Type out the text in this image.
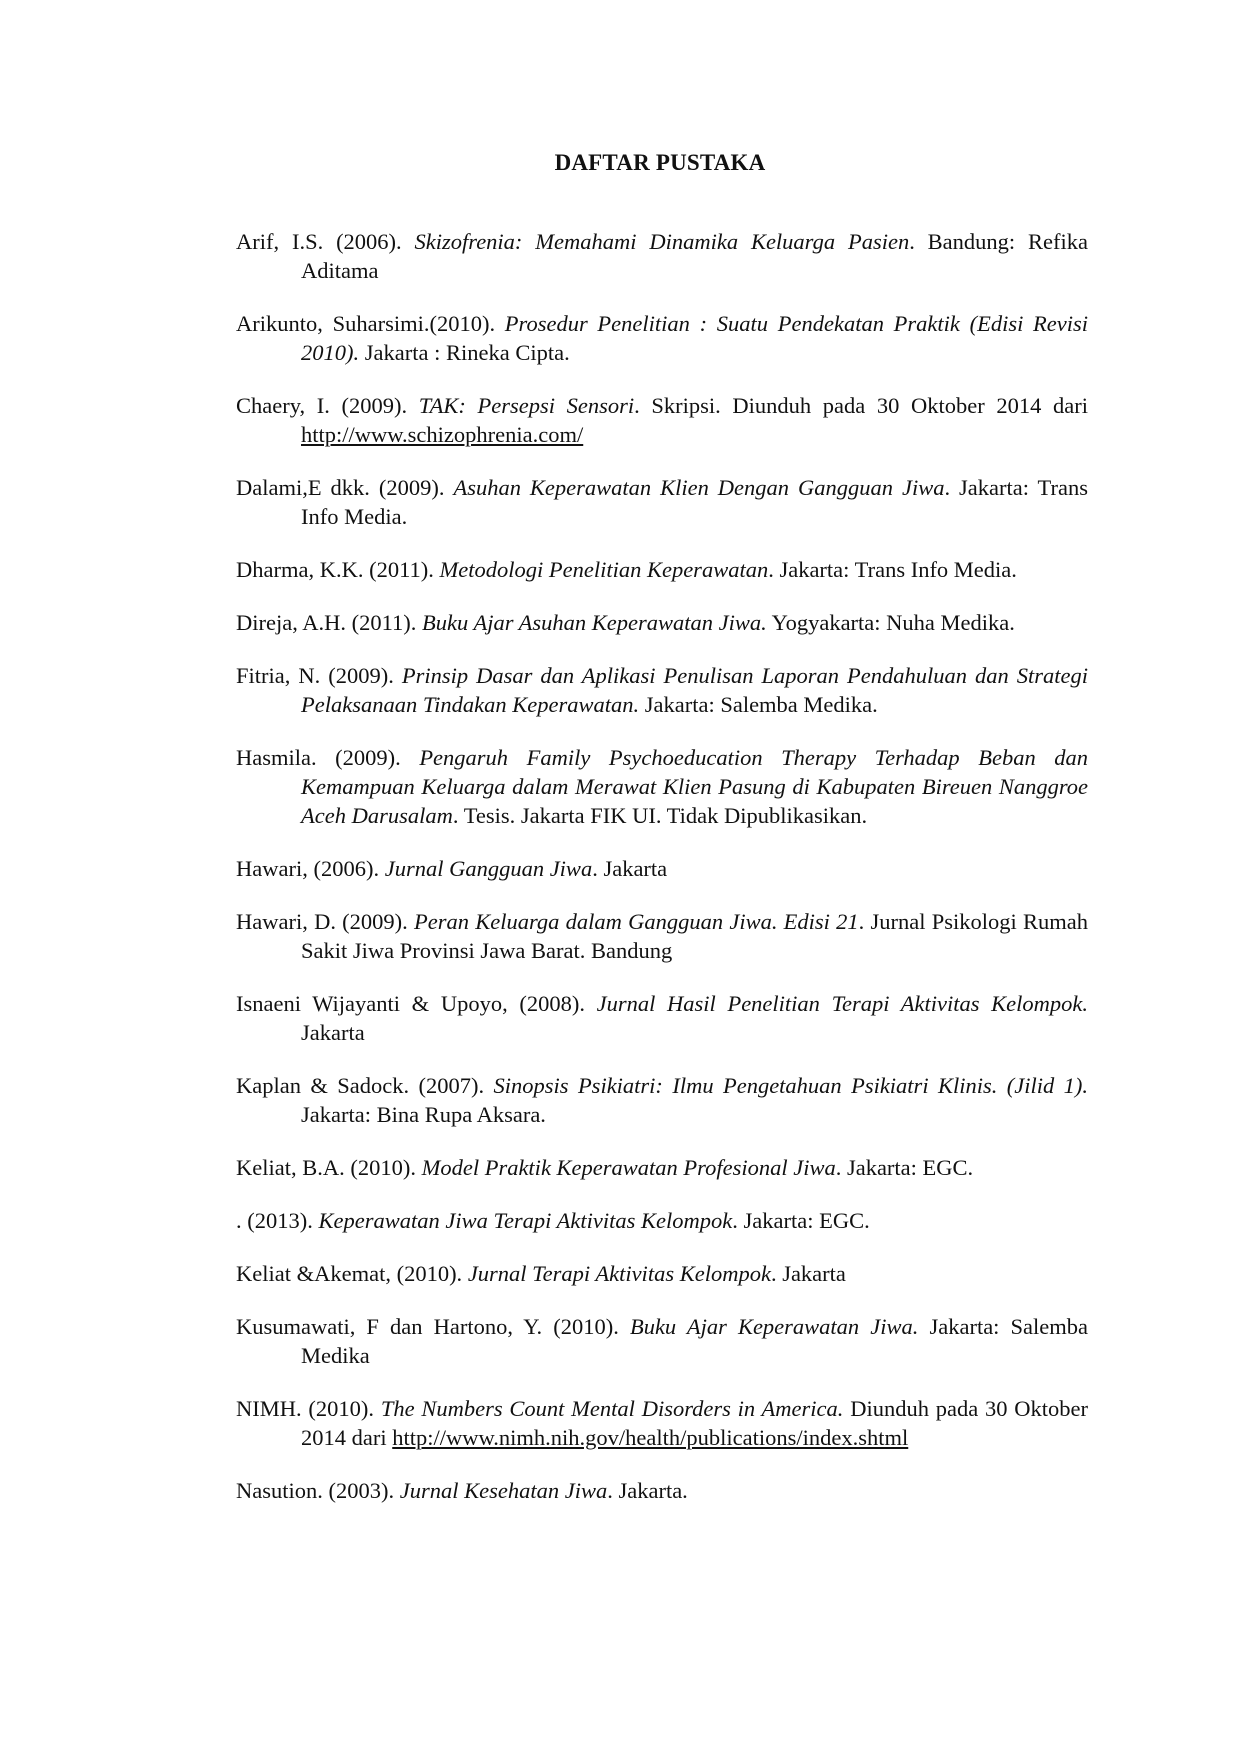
DAFTAR PUSTAKA

Arif, I.S. (2006). Skizofrenia: Memahami Dinamika Keluarga Pasien. Bandung: Refika Aditama

Arikunto, Suharsimi.(2010). Prosedur Penelitian : Suatu Pendekatan Praktik (Edisi Revisi 2010). Jakarta : Rineka Cipta.

Chaery, I. (2009). TAK: Persepsi Sensori. Skripsi. Diunduh pada 30 Oktober 2014 dari http://www.schizophrenia.com/

Dalami,E dkk. (2009). Asuhan Keperawatan Klien Dengan Gangguan Jiwa. Jakarta: Trans Info Media.

Dharma, K.K. (2011). Metodologi Penelitian Keperawatan. Jakarta: Trans Info Media.

Direja, A.H. (2011). Buku Ajar Asuhan Keperawatan Jiwa. Yogyakarta: Nuha Medika.

Fitria, N. (2009). Prinsip Dasar dan Aplikasi Penulisan Laporan Pendahuluan dan Strategi Pelaksanaan Tindakan Keperawatan. Jakarta: Salemba Medika.

Hasmila. (2009). Pengaruh Family Psychoeducation Therapy Terhadap Beban dan Kemampuan Keluarga dalam Merawat Klien Pasung di Kabupaten Bireuen Nanggroe Aceh Darusalam. Tesis. Jakarta FIK UI. Tidak Dipublikasikan.

Hawari, (2006). Jurnal Gangguan Jiwa. Jakarta

Hawari, D. (2009). Peran Keluarga dalam Gangguan Jiwa. Edisi 21. Jurnal Psikologi Rumah Sakit Jiwa Provinsi Jawa Barat. Bandung

Isnaeni Wijayanti & Upoyo, (2008). Jurnal Hasil Penelitian Terapi Aktivitas Kelompok. Jakarta

Kaplan & Sadock. (2007). Sinopsis Psikiatri: Ilmu Pengetahuan Psikiatri Klinis. (Jilid 1). Jakarta: Bina Rupa Aksara.

Keliat, B.A. (2010). Model Praktik Keperawatan Profesional Jiwa. Jakarta: EGC.

. (2013). Keperawatan Jiwa Terapi Aktivitas Kelompok. Jakarta: EGC.

Keliat &Akemat, (2010). Jurnal Terapi Aktivitas Kelompok. Jakarta

Kusumawati, F dan Hartono, Y. (2010). Buku Ajar Keperawatan Jiwa. Jakarta: Salemba Medika

NIMH. (2010). The Numbers Count Mental Disorders in America. Diunduh pada 30 Oktober 2014 dari http://www.nimh.nih.gov/health/publications/index.shtml

Nasution. (2003). Jurnal Kesehatan Jiwa. Jakarta.
